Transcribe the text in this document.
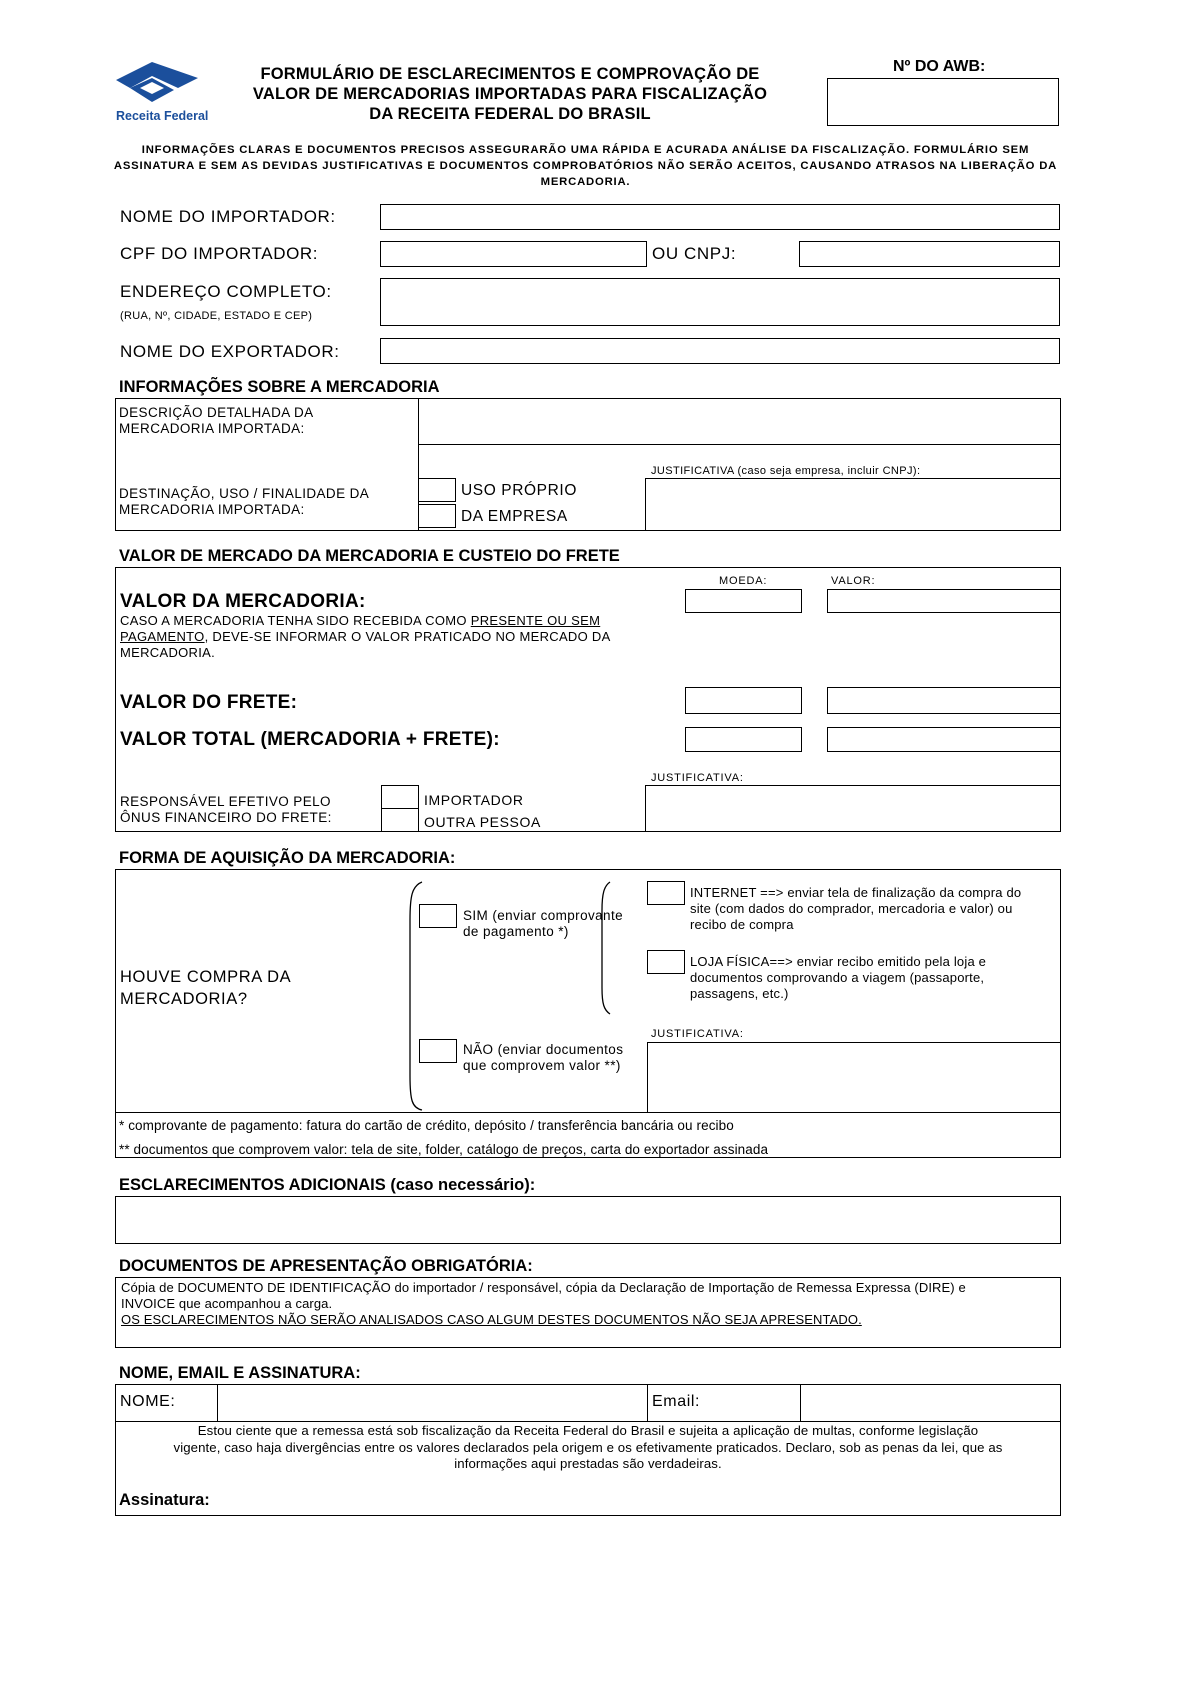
Receita Federal
FORMULÁRIO DE ESCLARECIMENTOS E COMPROVAÇÃO DE
VALOR DE MERCADORIAS IMPORTADAS PARA FISCALIZAÇÃO
DA RECEITA FEDERAL DO BRASIL
Nº DO AWB:
INFORMAÇÕES CLARAS E DOCUMENTOS PRECISOS ASSEGURARÃO UMA RÁPIDA E ACURADA ANÁLISE DA FISCALIZAÇÃO. FORMULÁRIO SEM
ASSINATURA E SEM AS DEVIDAS JUSTIFICATIVAS E DOCUMENTOS COMPROBATÓRIOS NÃO SERÃO ACEITOS, CAUSANDO ATRASOS NA LIBERAÇÃO DA
MERCADORIA.
NOME DO IMPORTADOR:
CPF DO IMPORTADOR:	OU CNPJ:
ENDEREÇO COMPLETO:
(RUA, Nº, CIDADE, ESTADO E CEP)
NOME DO EXPORTADOR:
INFORMAÇÕES SOBRE A MERCADORIA
DESCRIÇÃO DETALHADA DA
MERCADORIA IMPORTADA:
DESTINAÇÃO, USO / FINALIDADE DA
MERCADORIA IMPORTADA:
USO PRÓPRIO
DA EMPRESA
JUSTIFICATIVA (caso seja empresa, incluir CNPJ):
VALOR DE MERCADO DA MERCADORIA E CUSTEIO DO FRETE
MOEDA:	VALOR:
VALOR DA MERCADORIA:
CASO A MERCADORIA TENHA SIDO RECEBIDA COMO PRESENTE OU SEM
PAGAMENTO, DEVE-SE INFORMAR O VALOR PRATICADO NO MERCADO DA
MERCADORIA.
VALOR DO FRETE:
VALOR TOTAL (MERCADORIA + FRETE):
JUSTIFICATIVA:
RESPONSÁVEL EFETIVO PELO
ÔNUS FINANCEIRO DO FRETE:
IMPORTADOR
OUTRA PESSOA
FORMA DE AQUISIÇÃO DA MERCADORIA:
HOUVE COMPRA DA
MERCADORIA?
SIM (enviar comprovante
de pagamento *)
NÃO (enviar documentos
que comprovem valor **)
INTERNET ==> enviar tela de finalização da compra do
site (com dados do comprador, mercadoria e valor) ou
recibo de compra
LOJA FÍSICA==> enviar recibo emitido pela loja e
documentos comprovando a viagem (passaporte,
passagens, etc.)
JUSTIFICATIVA:
* comprovante de pagamento: fatura do cartão de crédito, depósito / transferência bancária ou recibo
** documentos que comprovem valor: tela de site, folder, catálogo de preços, carta do exportador assinada
ESCLARECIMENTOS ADICIONAIS (caso necessário):
DOCUMENTOS DE APRESENTAÇÃO OBRIGATÓRIA:
Cópia de DOCUMENTO DE IDENTIFICAÇÃO do importador / responsável, cópia da Declaração de Importação de Remessa Expressa (DIRE) e
INVOICE que acompanhou a carga.
OS ESCLARECIMENTOS NÃO SERÃO ANALISADOS CASO ALGUM DESTES DOCUMENTOS NÃO SEJA APRESENTADO.
NOME, EMAIL E ASSINATURA:
NOME:	Email:
Estou ciente que a remessa está sob fiscalização da Receita Federal do Brasil e sujeita a aplicação de multas, conforme legislação
vigente, caso haja divergências entre os valores declarados pela origem e os efetivamente praticados. Declaro, sob as penas da lei, que as
informações aqui prestadas são verdadeiras.
Assinatura:
